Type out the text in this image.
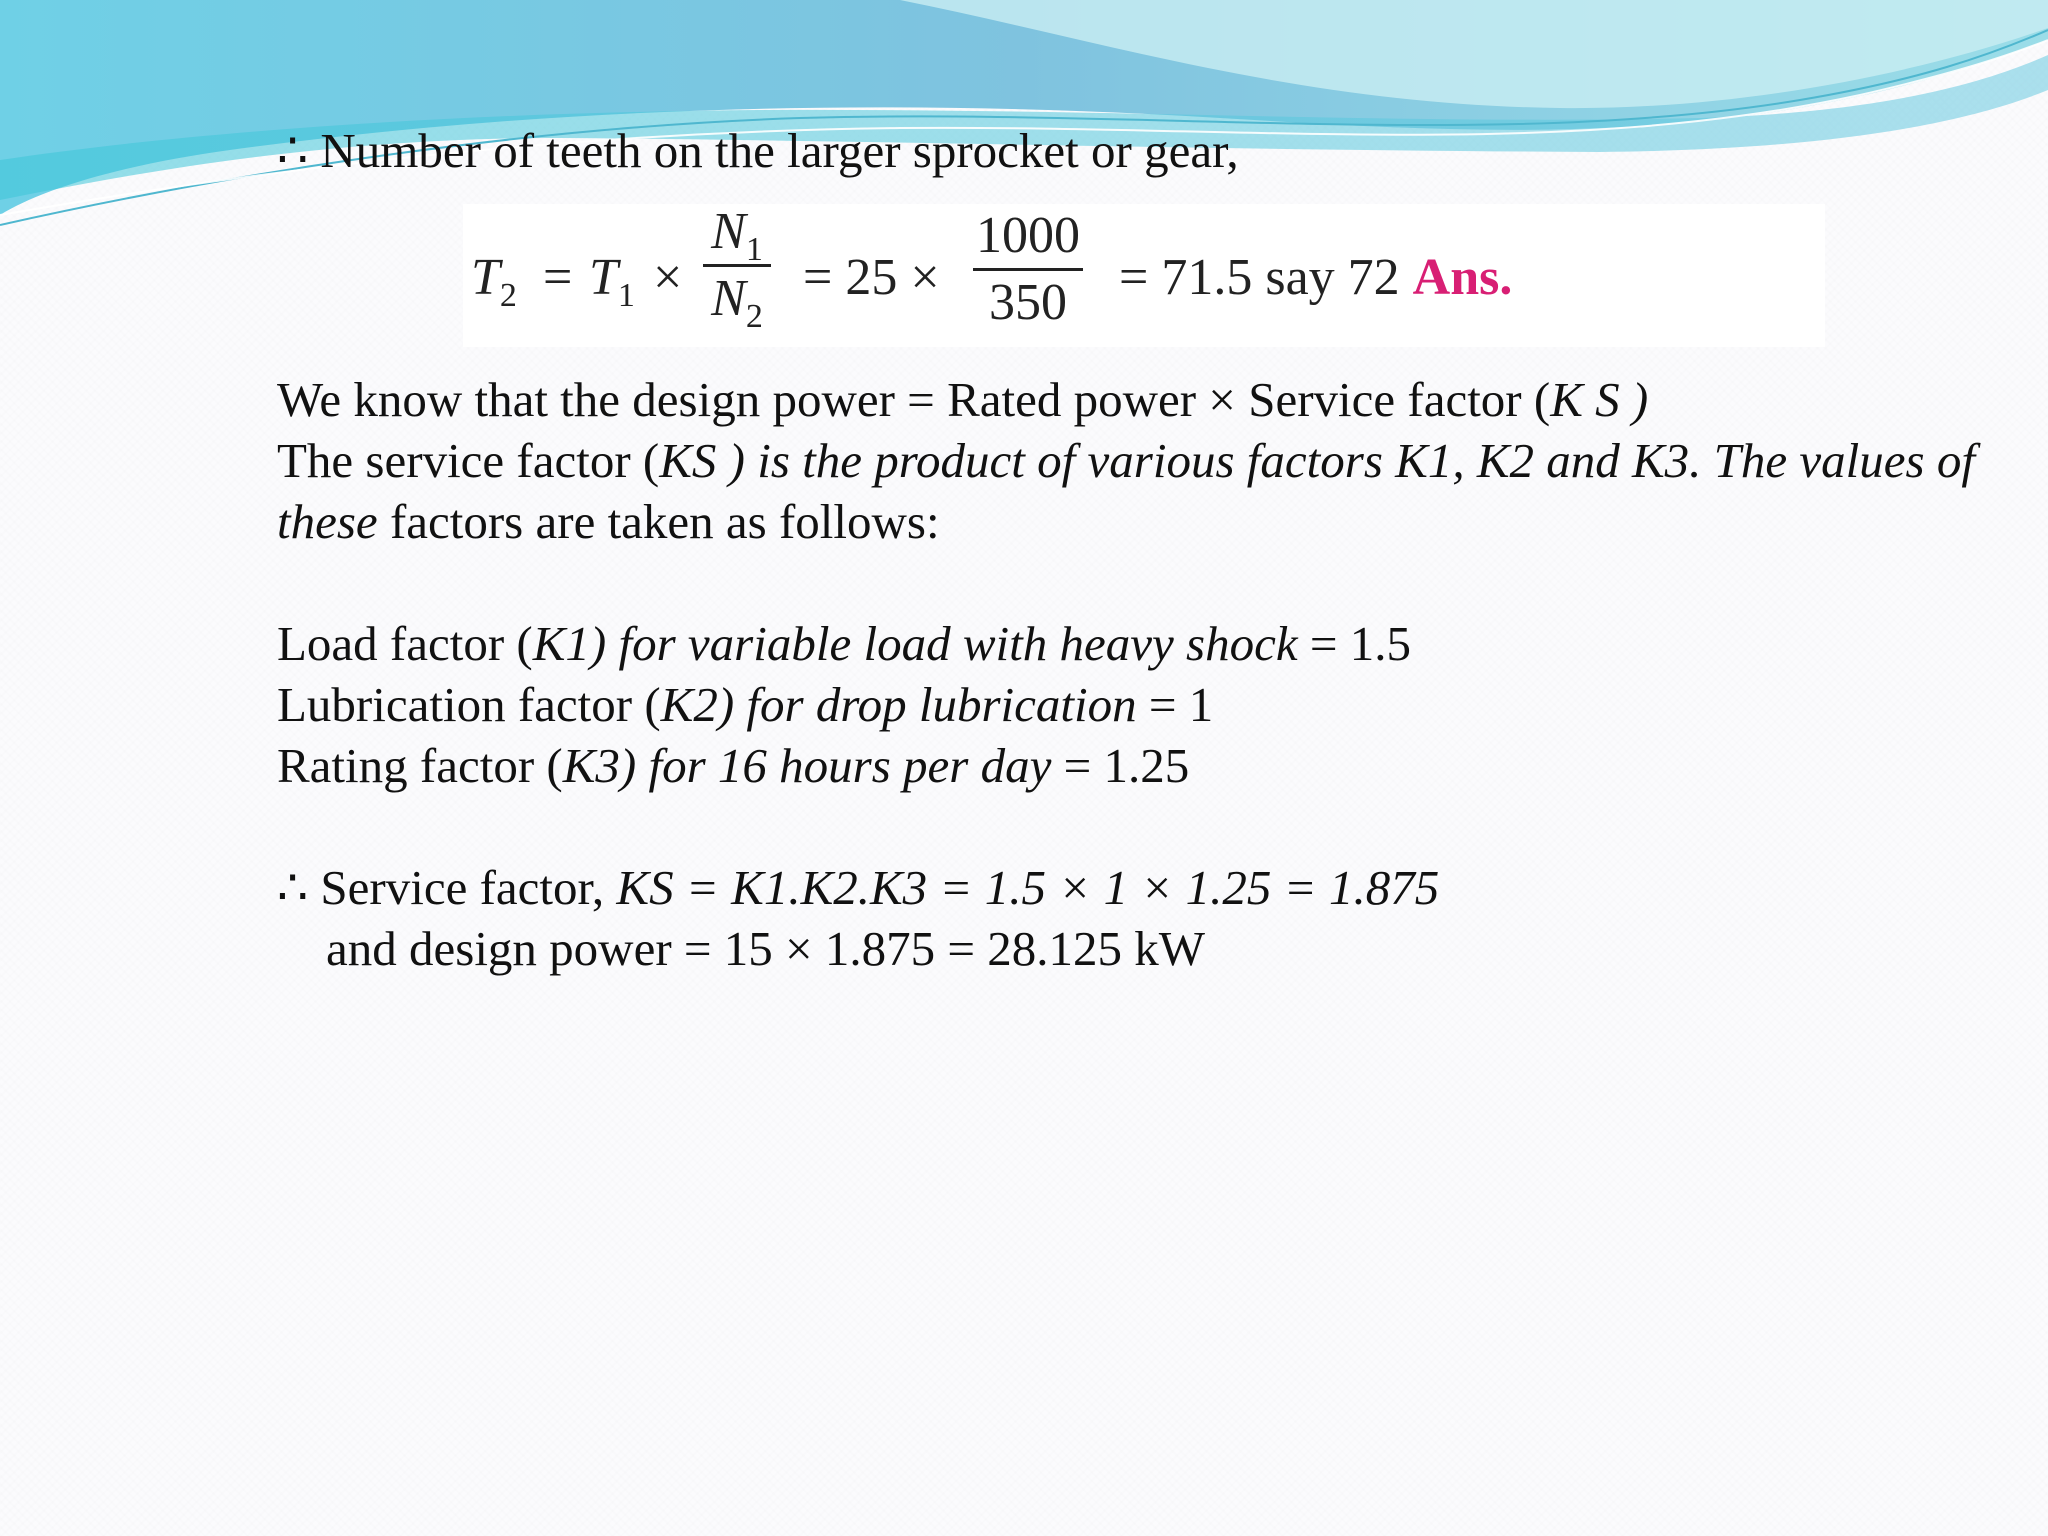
∴ Number of teeth on the larger sprocket or gear,
$T_2 = T_1$ ×
$N_1$
$N_2$
= 25 ×
1000
350	= 71.5 say 72 Ans.
We know that the design power = Rated power × Service factor (K S )
The service factor (KS ) is the product of various factors K1, K2 and K3. The values of these factors are taken as follows:
Load factor (K1) for variable load with heavy shock = 1.5
Lubrication factor (K2) for drop lubrication = 1
Rating factor (K3) for 16 hours per day = 1.25
∴ Service factor, KS = K1.K2.K3 = 1.5 × 1 × 1.25 = 1.875
and design power = 15 × 1.875 = 28.125 kW
